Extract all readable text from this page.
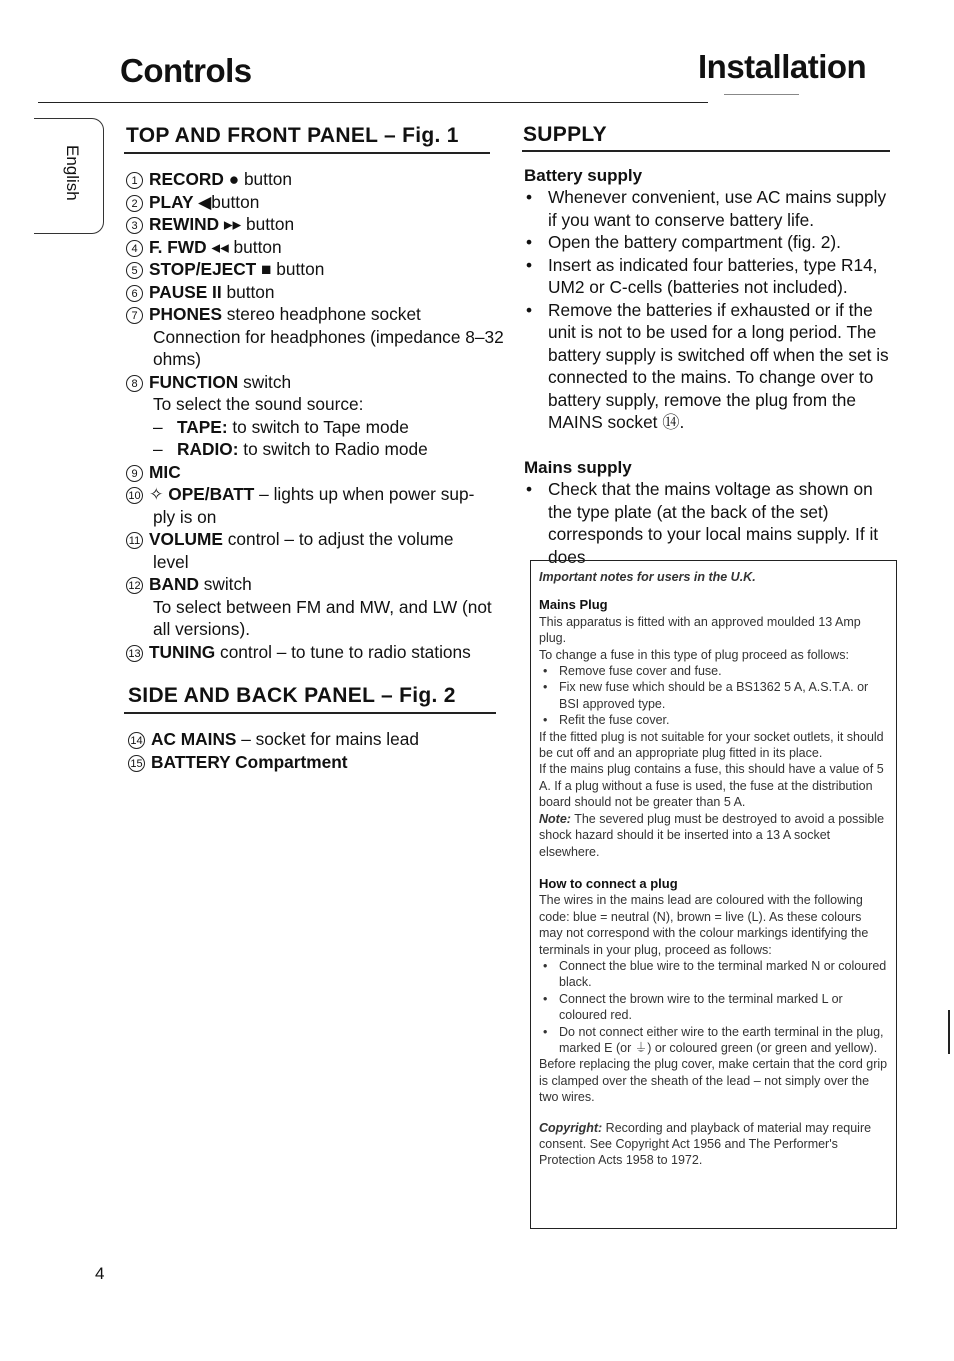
Controls	Installation
English
TOP AND FRONT PANEL – Fig. 1
1 RECORD ● button
2 PLAY ◀button
3 REWIND ▸▸ button
4 F. FWD ◂◂ button
5 STOP/EJECT ■ button
6 PAUSE II button
7 PHONES stereo headphone socket
Connection for headphones (impedance 8–32 ohms)
8 FUNCTION switch
To select the sound source:
–   TAPE: to switch to Tape mode
–   RADIO: to switch to Radio mode
9 MIC
10 ✧ OPE/BATT – lights up when power sup-
ply is on
11 VOLUME control – to adjust the volume
level
12 BAND switch
To select between FM and MW, and LW (not all versions).
13 TUNING control – to tune to radio stations
SIDE AND BACK PANEL – Fig. 2
14 AC MAINS – socket for mains lead
15 BATTERY Compartment
SUPPLY
Battery supply
• Whenever convenient, use AC mains supply if you want to conserve battery life.
• Open the battery compartment (fig. 2).
• Insert as indicated four batteries, type R14, UM2 or C-cells (batteries not included).
• Remove the batteries if exhausted or if the unit is not to be used for a long period. The battery supply is switched off when the set is connected to the mains. To change over to battery supply, remove the plug from the MAINS socket ⑭.
Mains supply
• Check that the mains voltage as shown on the type plate (at the back of the set) corresponds to your local mains supply. If it does
Important notes for users in the U.K.
Mains Plug
This apparatus is fitted with an approved moulded 13 Amp plug.
To change a fuse in this type of plug proceed as follows:
• Remove fuse cover and fuse.
• Fix new fuse which should be a BS1362 5 A, A.S.T.A. or BSI approved type.
• Refit the fuse cover.
If the fitted plug is not suitable for your socket outlets, it should be cut off and an appropriate plug fitted in its place.
If the mains plug contains a fuse, this should have a value of 5 A. If a plug without a fuse is used, the fuse at the distribution board should not be greater than 5 A.
Note: The severed plug must be destroyed to avoid a possible shock hazard should it be inserted into a 13 A socket elsewhere.
How to connect a plug
The wires in the mains lead are coloured with the following code: blue = neutral (N), brown = live (L). As these colours may not correspond with the colour markings identifying the terminals in your plug, proceed as follows:
• Connect the blue wire to the terminal marked N or coloured black.
• Connect the brown wire to the terminal marked L or coloured red.
• Do not connect either wire to the earth terminal in the plug, marked E (or ⏚) or coloured green (or green and yellow).
Before replacing the plug cover, make certain that the cord grip is clamped over the sheath of the lead – not simply over the two wires.
Copyright: Recording and playback of material may require consent. See Copyright Act 1956 and The Performer's Protection Acts 1958 to 1972.
4
